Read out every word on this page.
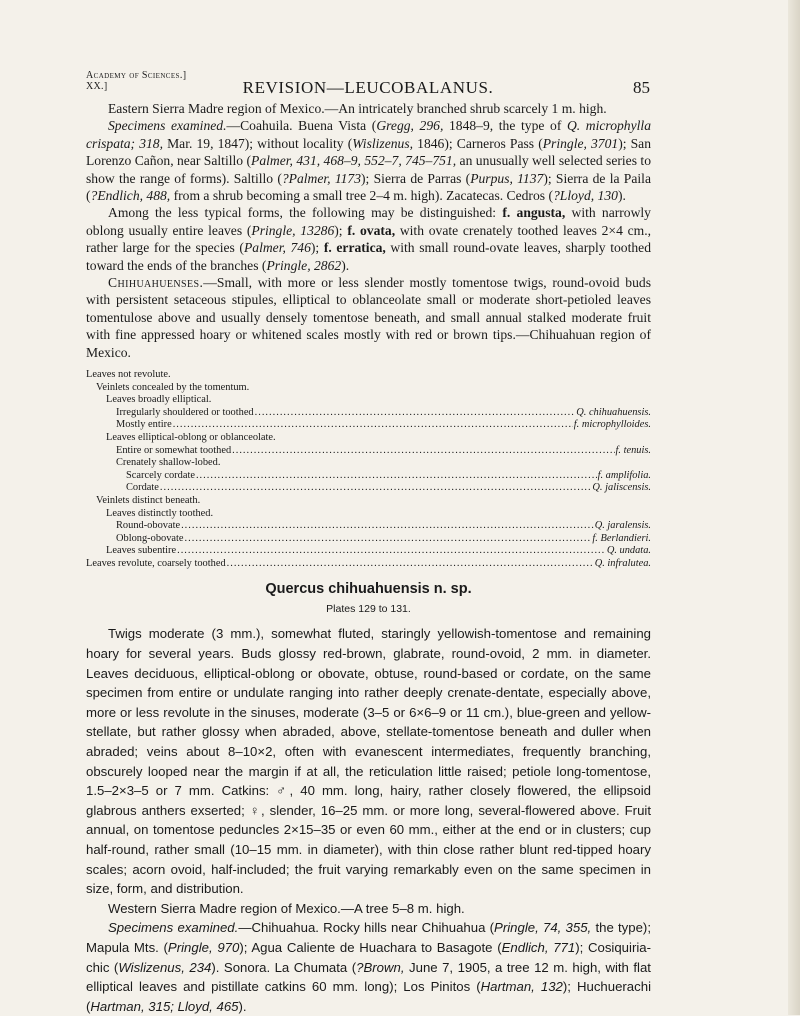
Academy of Sciences.]
XX.]	REVISION—LEUCOBALANUS.	85

Eastern Sierra Madre region of Mexico.—An intricately branched shrub scarcely 1 m. high.

Specimens examined.—Coahuila. Buena Vista (Gregg, 296, 1848–9, the type of Q. microphylla crispata; 318, Mar. 19, 1847); without locality (Wislizenus, 1846); Carneros Pass (Pringle, 3701); San Lorenzo Cañon, near Saltillo (Palmer, 431, 468–9, 552–7, 745–751, an unusually well selected series to show the range of forms). Saltillo (?Palmer, 1173); Sierra de Parras (Purpus, 1137); Sierra de la Paila (?Endlich, 488, from a shrub becoming a small tree 2–4 m. high). Zacatecas. Cedros (?Lloyd, 130).

Among the less typical forms, the following may be distinguished: f. angusta, with narrowly oblong usually entire leaves (Pringle, 13286); f. ovata, with ovate crenately toothed leaves 2×4 cm., rather large for the species (Palmer, 746); f. erratica, with small round-ovate leaves, sharply toothed toward the ends of the branches (Pringle, 2862).

Chihuahuenses.—Small, with more or less slender mostly tomentose twigs, round-ovoid buds with persistent setaceous stipules, elliptical to oblanceolate small or moderate short-petioled leaves tomentulose above and usually densely tomentose beneath, and small annual stalked moderate fruit with fine appressed hoary or whitened scales mostly with red or brown tips.—Chihuahuan region of Mexico.

Leaves not revolute.
Veinlets concealed by the tomentum.
Leaves broadly elliptical.
Irregularly shouldered or toothed .....	Q. chihuahuensis.
Mostly entire .....	f. microphylloides.
Leaves elliptical-oblong or oblanceolate.
Entire or somewhat toothed .....	f. tenuis.
Crenately shallow-lobed.
Scarcely cordate .....	f. amplifolia.
Cordate .....	Q. jaliscensis.
Veinlets distinct beneath.
Leaves distinctly toothed.
Round-obovate .....	Q. jaralensis.
Oblong-obovate .....	f. Berlandieri.
Leaves subentire .....	Q. undata.
Leaves revolute, coarsely toothed .....	Q. infralutea.
Quercus chihuahuensis n. sp.
Plates 129 to 131.

Twigs moderate (3 mm.), somewhat fluted, staringly yellowish-tomentose and remaining hoary for several years. Buds glossy red-brown, glabrate, round-ovoid, 2 mm. in diameter. Leaves deciduous, elliptical-oblong or obovate, obtuse, round-based or cordate, on the same specimen from entire or undulate ranging into rather deeply crenate-dentate, especially above, more or less revolute in the sinuses, moderate (3–5 or 6×6–9 or 11 cm.), blue-green and yellow-stellate, but rather glossy when abraded, above, stellate-tomentose beneath and duller when abraded; veins about 8–10×2, often with evanescent intermediates, frequently branching, obscurely looped near the margin if at all, the reticulation little raised; petiole long-tomentose, 1.5–2×3–5 or 7 mm. Catkins: ♂, 40 mm. long, hairy, rather closely flowered, the ellipsoid glabrous anthers exserted; ♀, slender, 16–25 mm. or more long, several-flowered above. Fruit annual, on tomentose peduncles 2×15–35 or even 60 mm., either at the end or in clusters; cup half-round, rather small (10–15 mm. in diameter), with thin close rather blunt red-tipped hoary scales; acorn ovoid, half-included; the fruit varying remarkably even on the same specimen in size, form, and distribution.

Western Sierra Madre region of Mexico.—A tree 5–8 m. high.

Specimens examined.—Chihuahua. Rocky hills near Chihuahua (Pringle, 74, 355, the type); Mapula Mts. (Pringle, 970); Agua Caliente de Huachara to Basagote (Endlich, 771); Cosiquiria-chic (Wislizenus, 234). Sonora. La Chumata (?Brown, June 7, 1905, a tree 12 m. high, with flat elliptical leaves and pistillate catkins 60 mm. long); Los Pinitos (Hartman, 132); Huchuerachi (Hartman, 315; Lloyd, 465).
